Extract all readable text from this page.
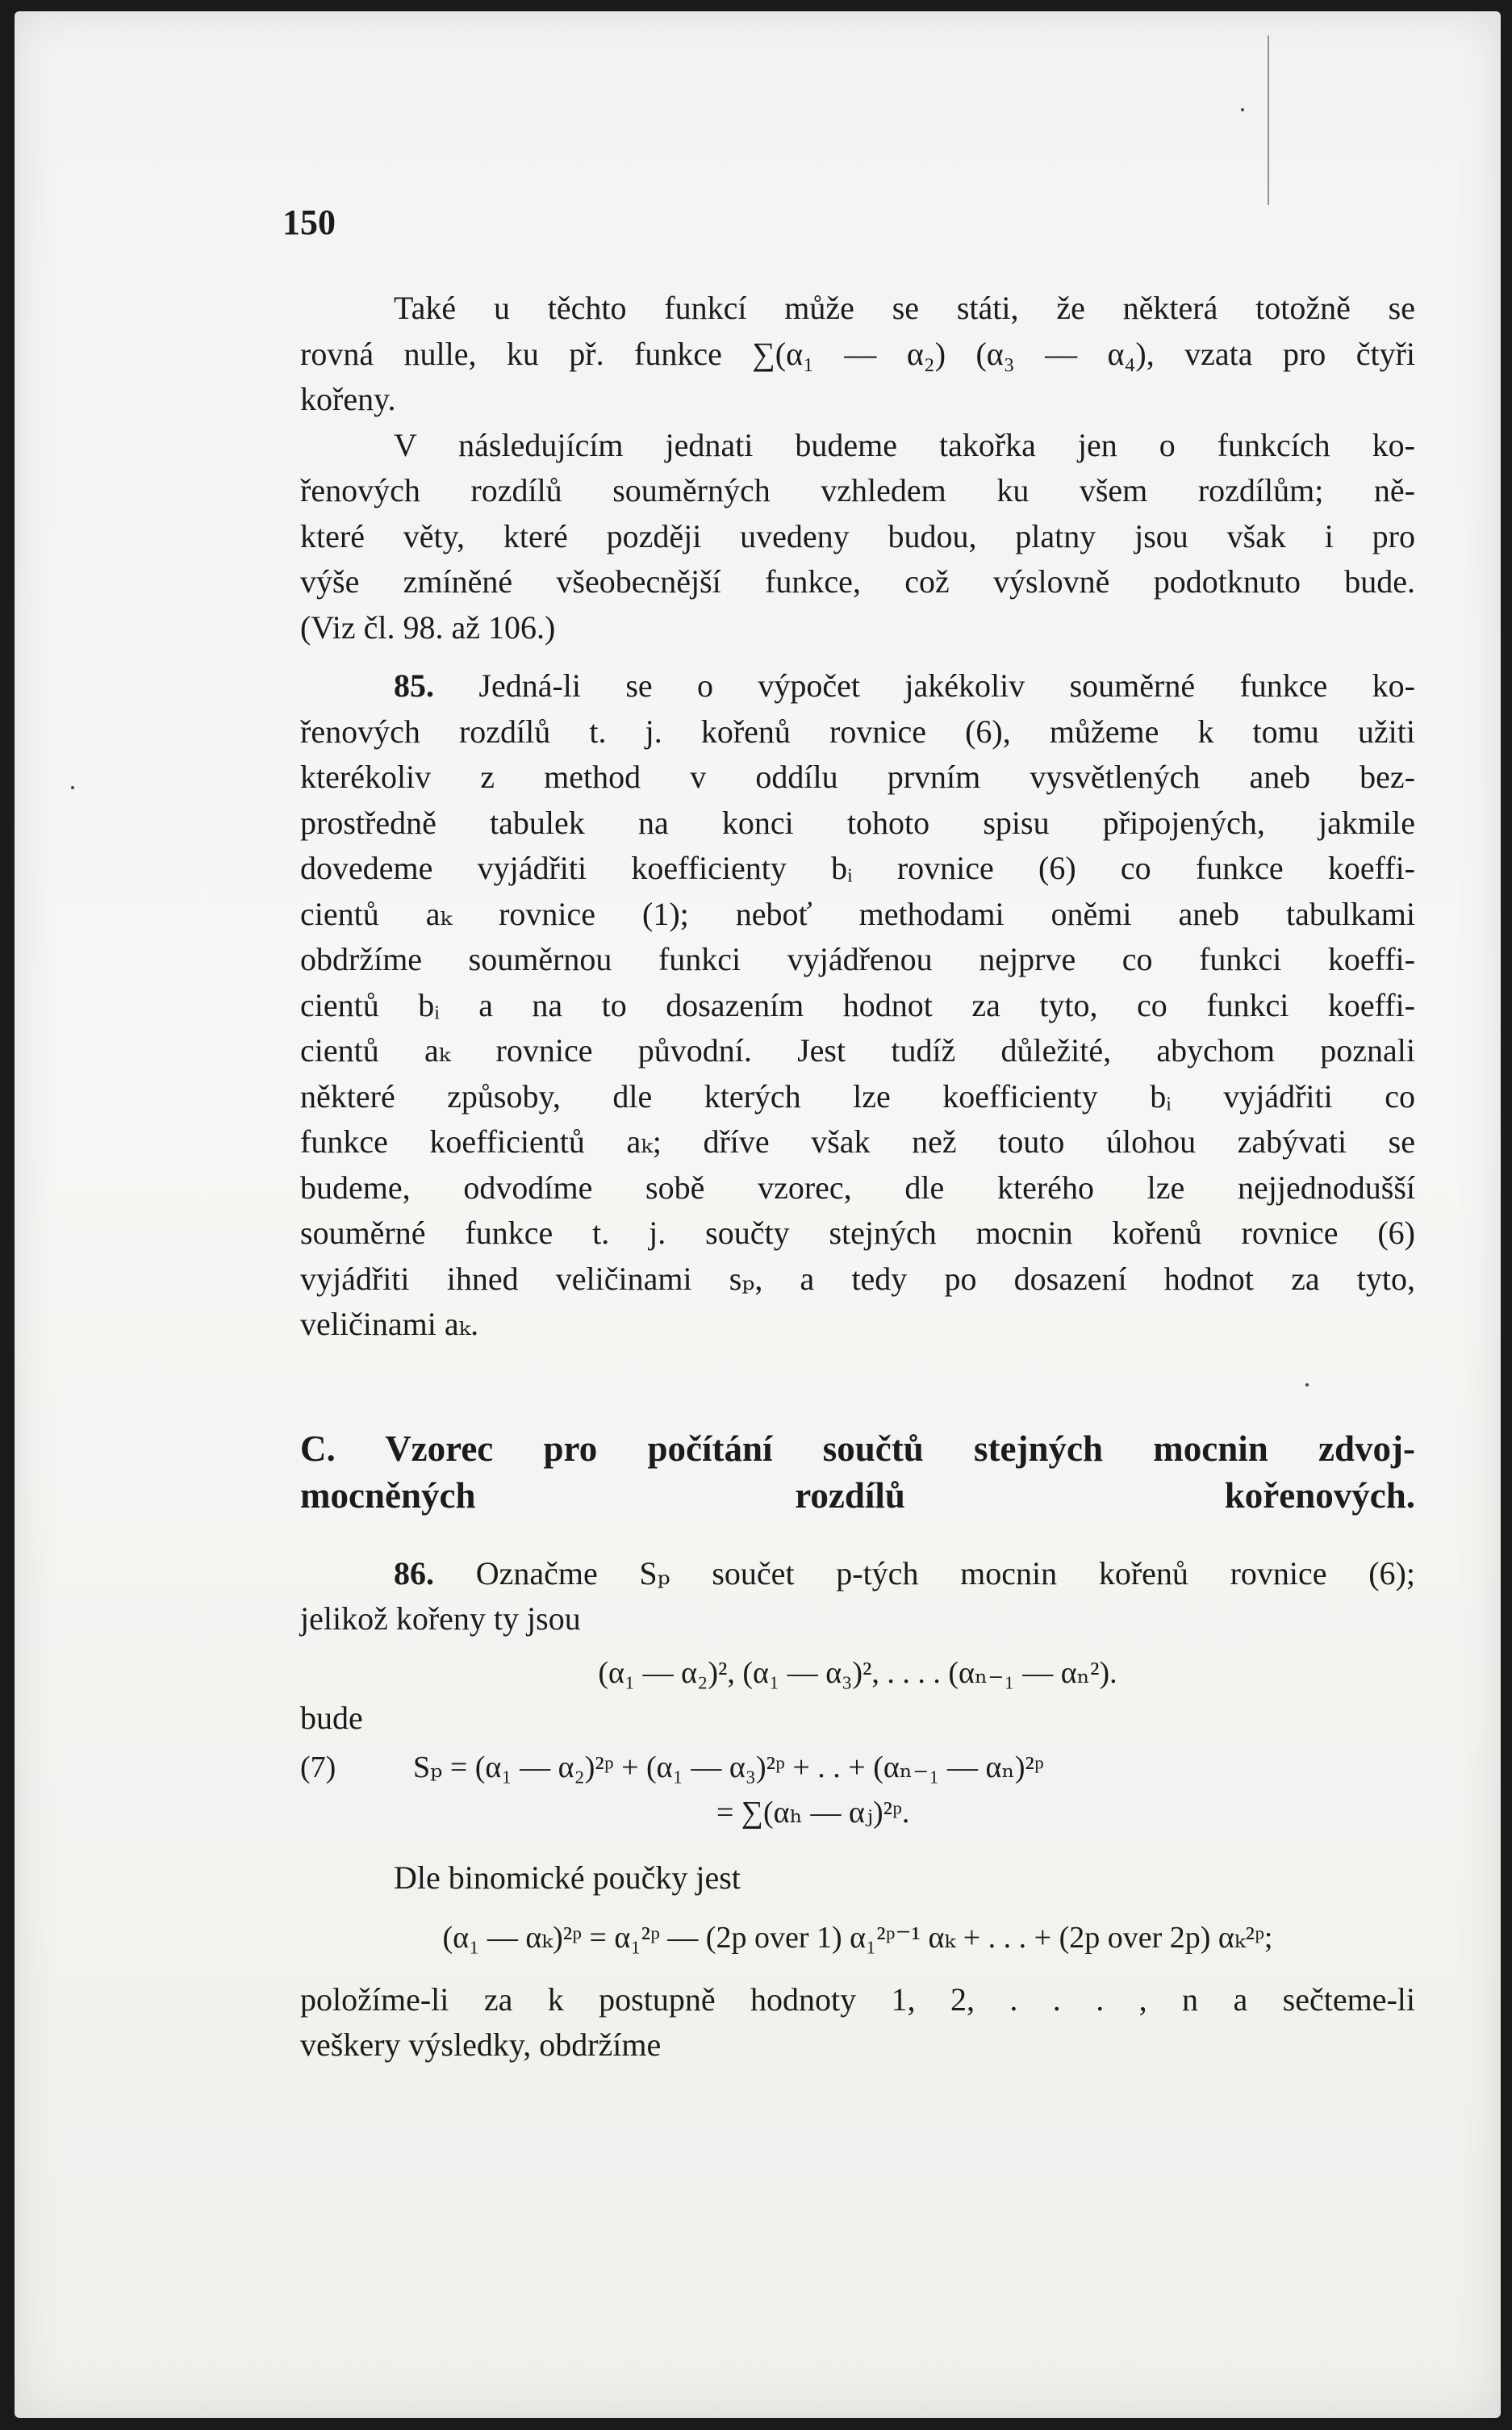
150
Také u těchto funkcí může se státi, že některá totožně se
rovná nulle, ku př. funkce ∑(α₁ — α₂) (α₃ — α₄), vzata pro čtyři
kořeny.
V následujícím jednati budeme takořka jen o funkcích ko-
řenových rozdílů souměrných vzhledem ku všem rozdílům; ně-
které věty, které později uvedeny budou, platny jsou však i pro
výše zmíněné všeobecnější funkce, což výslovně podotknuto bude.
(Viz čl. 98. až 106.)
85. Jedná-li se o výpočet jakékoliv souměrné funkce ko-
řenových rozdílů t. j. kořenů rovnice (6), můžeme k tomu užiti
kterékoliv z method v oddílu prvním vysvětlených aneb bez-
prostředně tabulek na konci tohoto spisu připojených, jakmile
dovedeme vyjádřiti koefficienty bᵢ rovnice (6) co funkce koeffi-
cientů aₖ rovnice (1); neboť methodami oněmi aneb tabulkami
obdržíme souměrnou funkci vyjádřenou nejprve co funkci koeffi-
cientů bᵢ a na to dosazením hodnot za tyto, co funkci koeffi-
cientů aₖ rovnice původní. Jest tudíž důležité, abychom poznali
některé způsoby, dle kterých lze koefficienty bᵢ vyjádřiti co
funkce koefficientů aₖ; dříve však než touto úlohou zabývati se
budeme, odvodíme sobě vzorec, dle kterého lze nejjednodušší
souměrné funkce t. j. součty stejných mocnin kořenů rovnice (6)
vyjádřiti ihned veličinami sₚ, a tedy po dosazení hodnot za tyto,
veličinami aₖ.
C. Vzorec pro počítání součtů stejných mocnin zdvoj-
mocněných rozdílů kořenových.
86. Označme Sₚ součet p-tých mocnin kořenů rovnice (6);
jelikož kořeny ty jsou
(α₁ — α₂)², (α₁ — α₃)², . . . . (αₙ₋₁ — αₙ²).
bude
(7)	Sₚ = (α₁ — α₂)²ᵖ + (α₁ — α₃)²ᵖ + . . + (αₙ₋₁ — αₙ)²ᵖ
= ∑(αₕ — αⱼ)²ᵖ.
Dle binomické poučky jest
(α₁ — αₖ)²ᵖ = α₁²ᵖ — (2p over 1) α₁²ᵖ⁻¹ αₖ + . . . + (2p over 2p) αₖ²ᵖ;
položíme-li za k postupně hodnoty 1, 2, . . . , n a sečteme-li
veškery výsledky, obdržíme
